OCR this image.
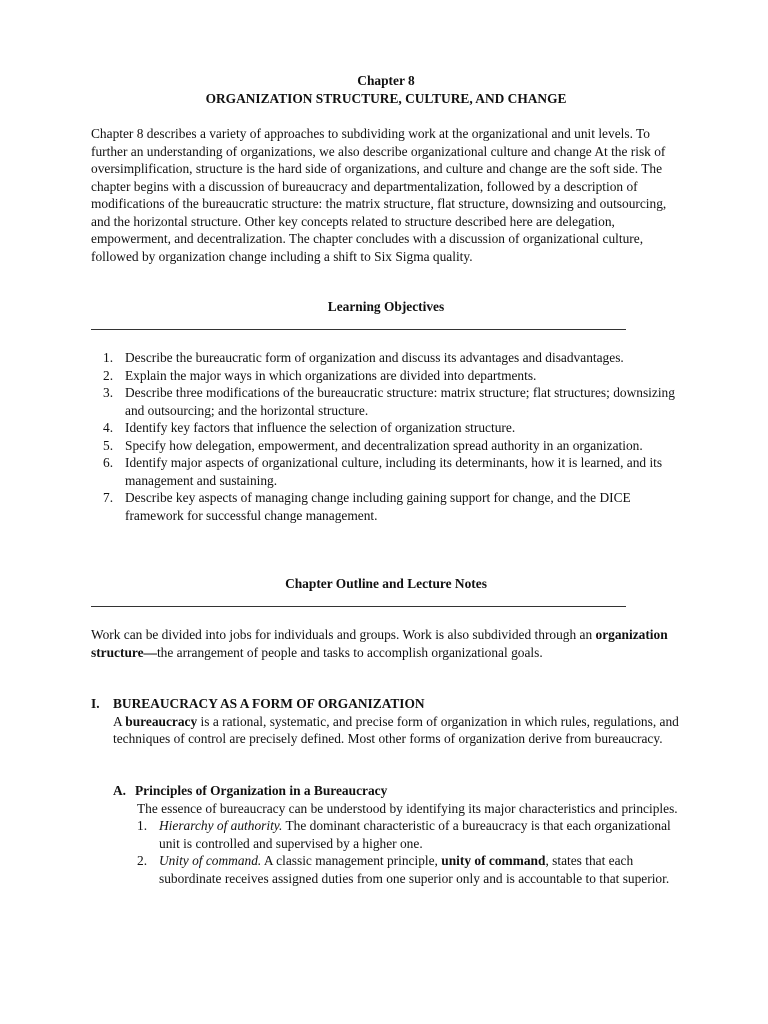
Chapter 8
ORGANIZATION STRUCTURE, CULTURE, AND CHANGE
Chapter 8 describes a variety of approaches to subdividing work at the organizational and unit levels. To further an understanding of organizations, we also describe organizational culture and change At the risk of oversimplification, structure is the hard side of organizations, and culture and change are the soft side. The chapter begins with a discussion of bureaucracy and departmentalization, followed by a description of modifications of the bureaucratic structure: the matrix structure, flat structure, downsizing and outsourcing, and the horizontal structure. Other key concepts related to structure described here are delegation, empowerment, and decentralization. The chapter concludes with a discussion of organizational culture, followed by organization change including a shift to Six Sigma quality.
Learning Objectives
1. Describe the bureaucratic form of organization and discuss its advantages and disadvantages.
2. Explain the major ways in which organizations are divided into departments.
3. Describe three modifications of the bureaucratic structure: matrix structure; flat structures; downsizing and outsourcing; and the horizontal structure.
4. Identify key factors that influence the selection of organization structure.
5. Specify how delegation, empowerment, and decentralization spread authority in an organization.
6. Identify major aspects of organizational culture, including its determinants, how it is learned, and its management and sustaining.
7. Describe key aspects of managing change including gaining support for change, and the DICE framework for successful change management.
Chapter Outline and Lecture Notes
Work can be divided into jobs for individuals and groups. Work is also subdivided through an organization structure—the arrangement of people and tasks to accomplish organizational goals.
I. BUREAUCRACY AS A FORM OF ORGANIZATION
A bureaucracy is a rational, systematic, and precise form of organization in which rules, regulations, and techniques of control are precisely defined. Most other forms of organization derive from bureaucracy.
A. Principles of Organization in a Bureaucracy
The essence of bureaucracy can be understood by identifying its major characteristics and principles.
1. Hierarchy of authority. The dominant characteristic of a bureaucracy is that each organizational unit is controlled and supervised by a higher one.
2. Unity of command. A classic management principle, unity of command, states that each subordinate receives assigned duties from one superior only and is accountable to that superior.
